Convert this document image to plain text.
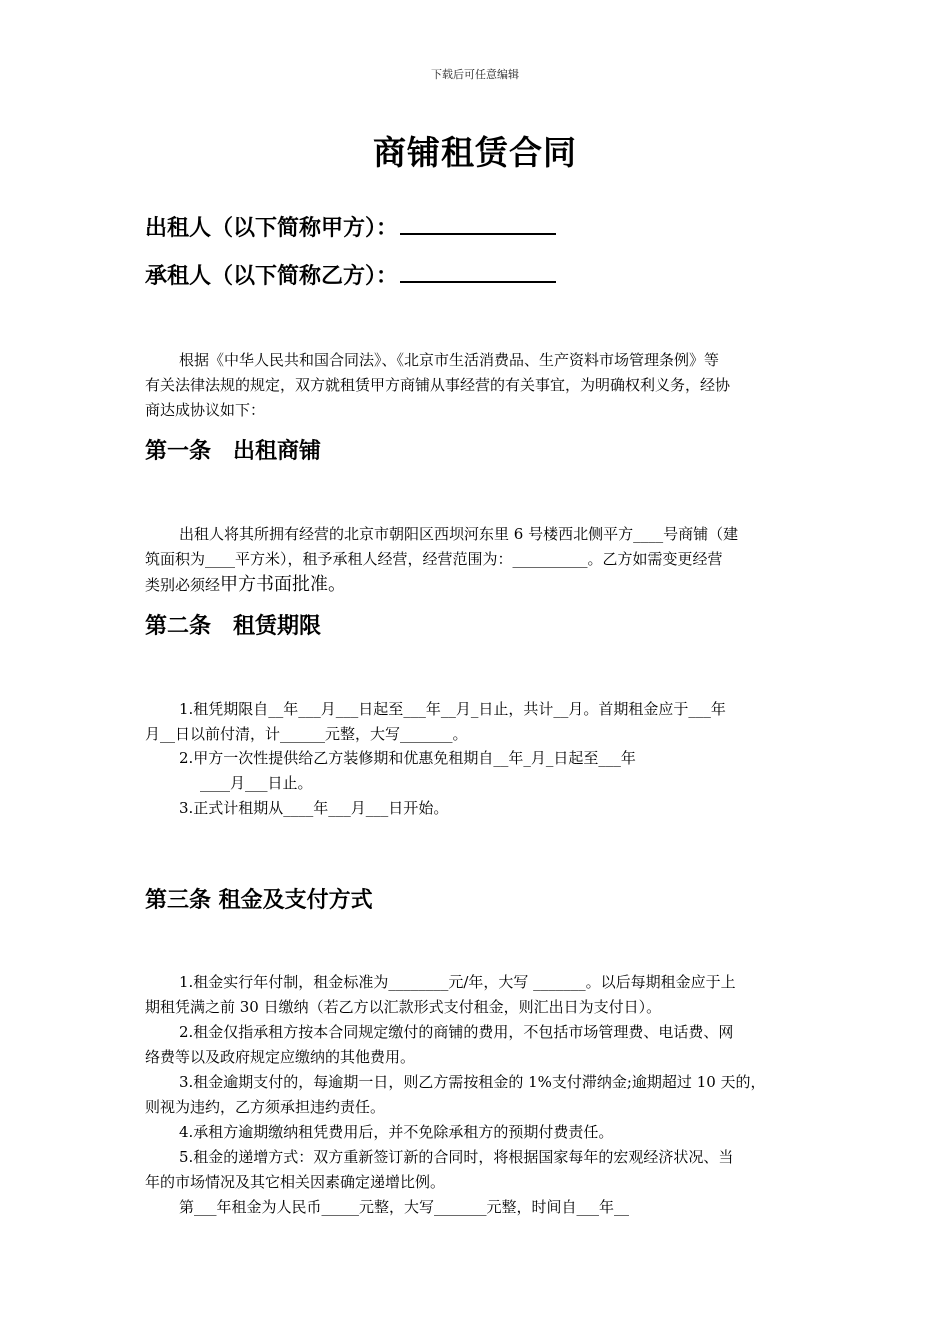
下载后可任意编辑
商铺租赁合同
出租人（以下简称甲方）：
承租人（以下简称乙方）：
根据《中华人民共和国合同法》、《北京市生活消费品、生产资料市场管理条例》等
有关法律法规的规定，双方就租赁甲方商铺从事经营的有关事宜，为明确权利义务，经协
商达成协议如下：
第一条　出租商铺
出租人将其所拥有经营的北京市朝阳区西坝河东里 6 号楼西北侧平方____号商铺（建
筑面积为____平方米），租予承租人经营，经营范围为：__________。乙方如需变更经营
类别必须经甲方书面批准。
第二条　租赁期限
1.租凭期限自__年___月___日起至___年__月_日止，共计__月。首期租金应于___年
月__日以前付清，计______元整，大写_______。
2.甲方一次性提供给乙方装修期和优惠免租期自__年_月_日起至___年
____月___日止。
3.正式计租期从____年___月___日开始。
第三条 租金及支付方式
1.租金实行年付制，租金标准为________元/年，大写 _______。以后每期租金应于上
期租凭满之前 30 日缴纳（若乙方以汇款形式支付租金，则汇出日为支付日）。
2.租金仅指承租方按本合同规定缴付的商铺的费用，不包括市场管理费、电话费、网
络费等以及政府规定应缴纳的其他费用。
3.租金逾期支付的，每逾期一日，则乙方需按租金的 1%支付滞纳金;逾期超过 10 天的，
则视为违约，乙方须承担违约责任。
4.承租方逾期缴纳租凭费用后，并不免除承租方的预期付费责任。
5.租金的递增方式：双方重新签订新的合同时，将根据国家每年的宏观经济状况、当
年的市场情况及其它相关因素确定递增比例。
第___年租金为人民币_____元整，大写_______元整，时间自___年__
